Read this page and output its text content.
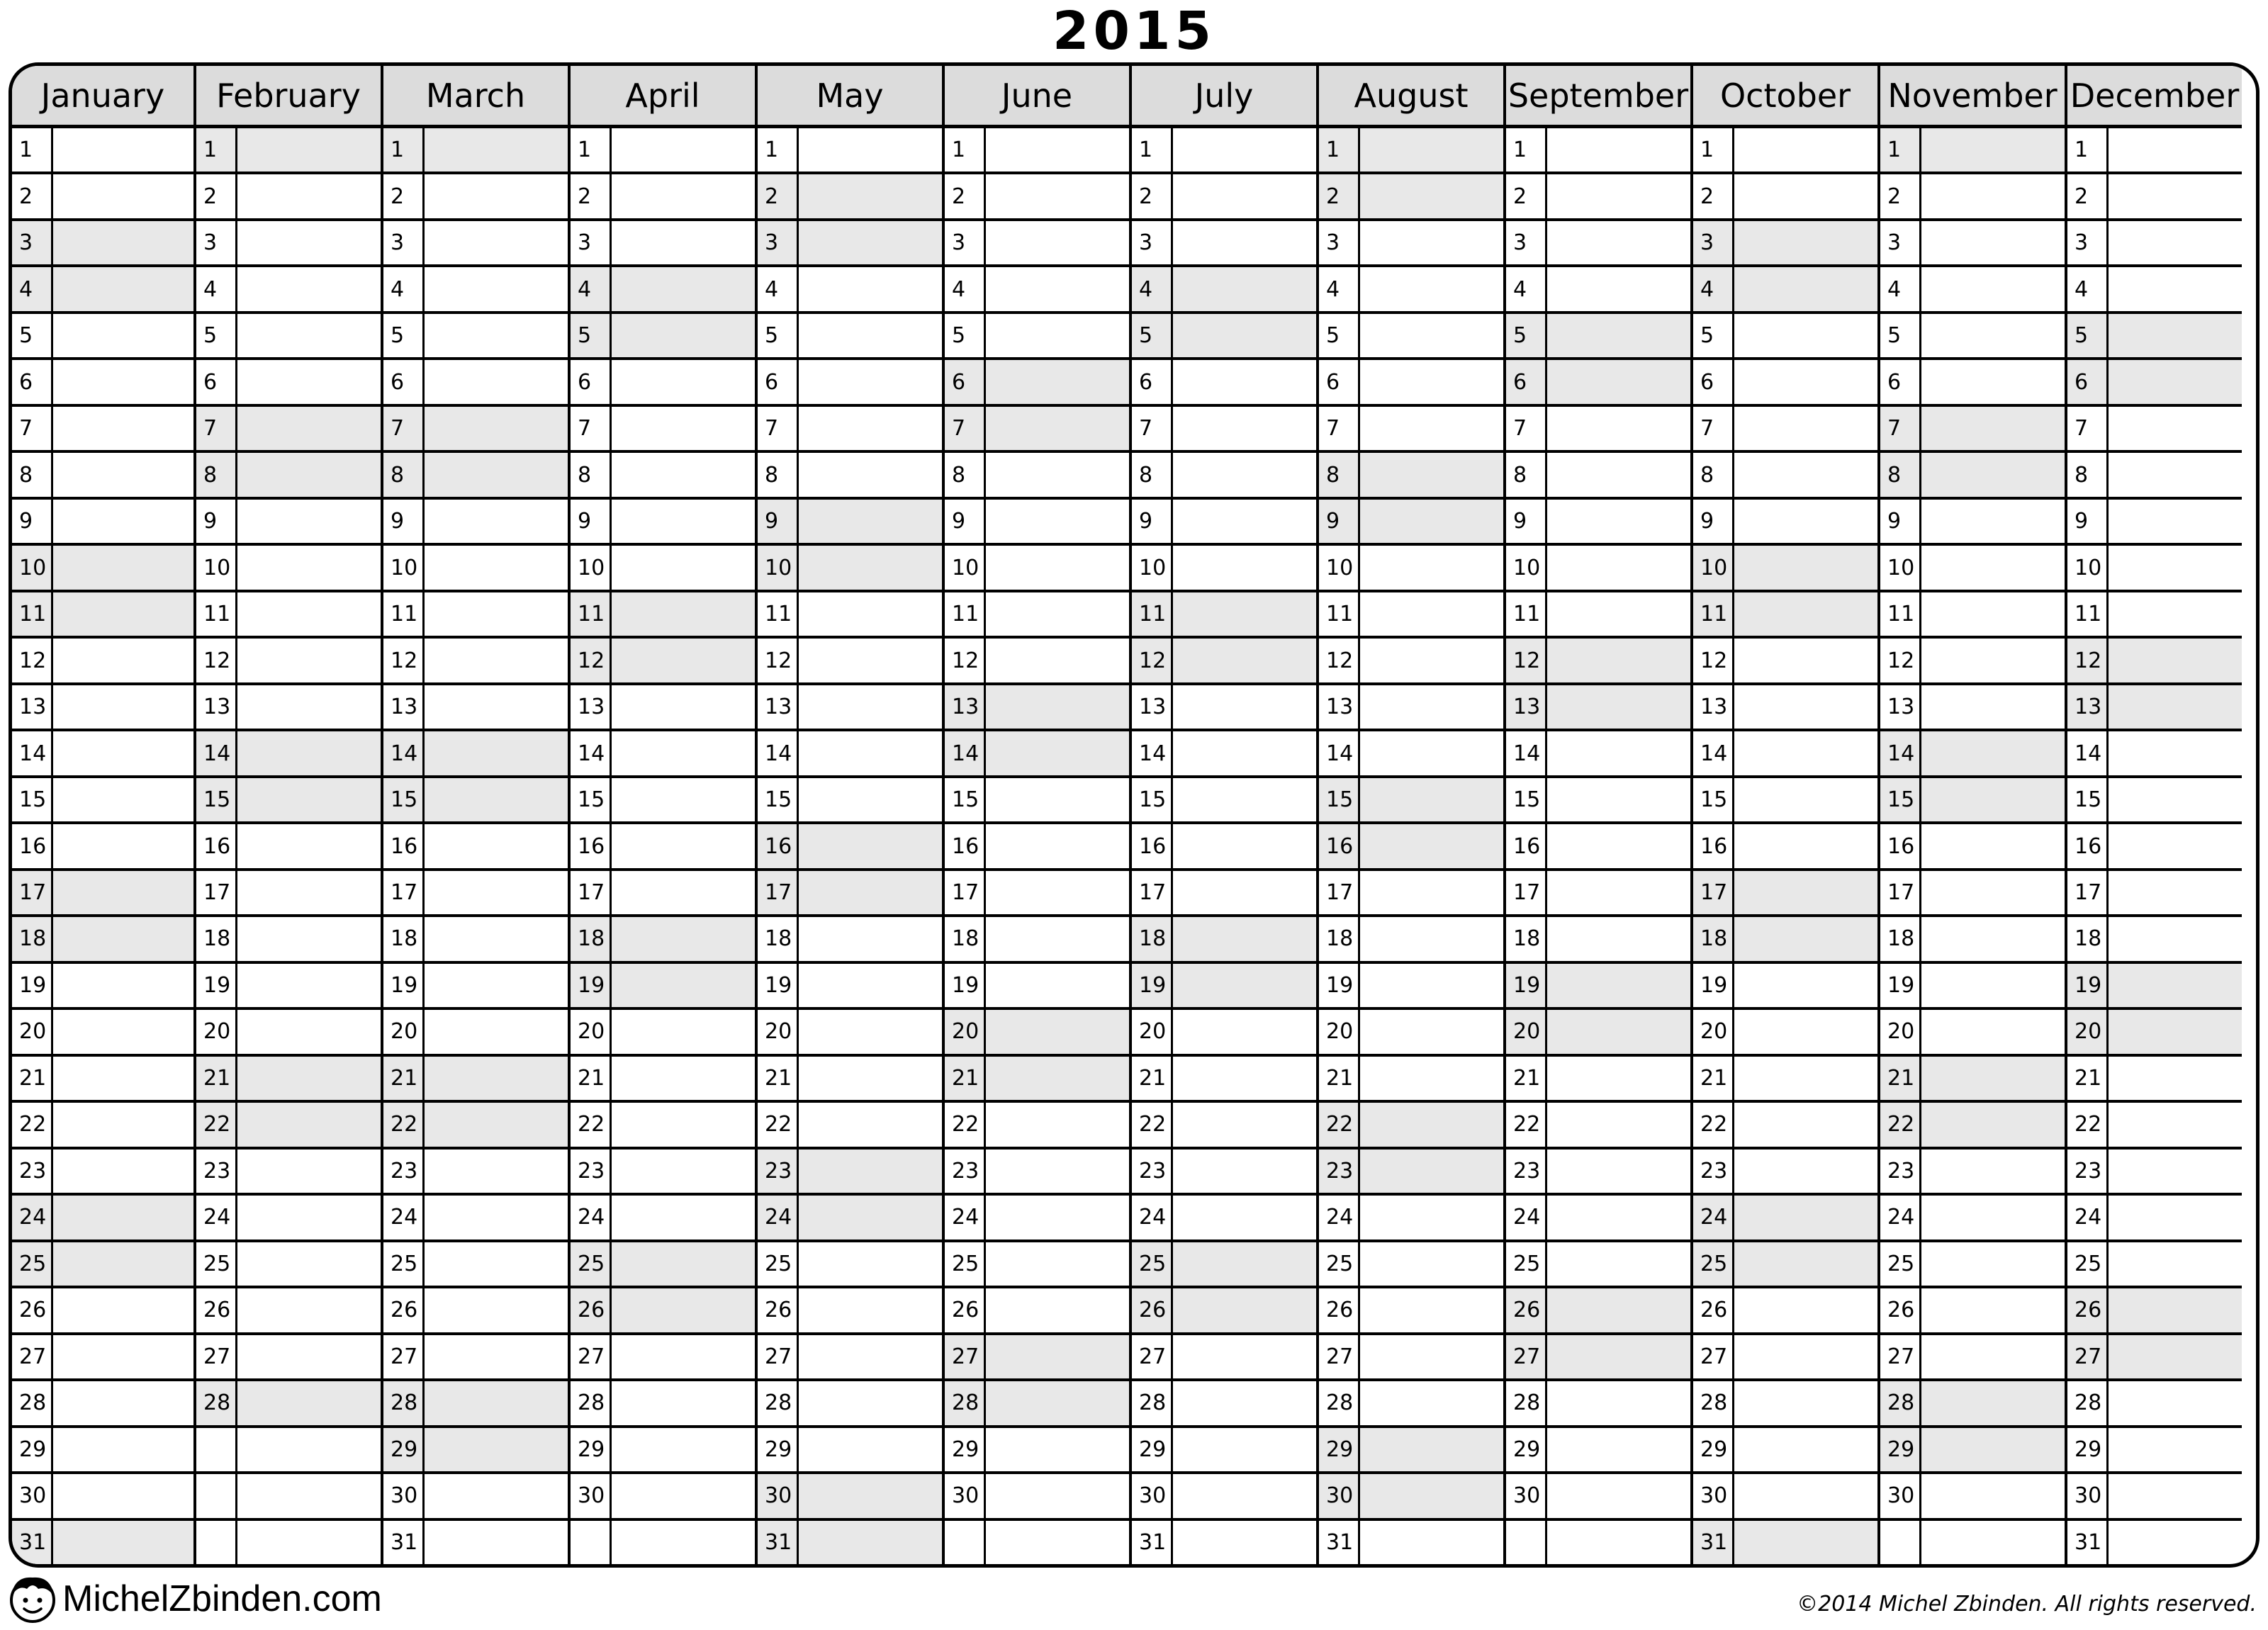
2015
January
1
2
3
4
5
6
7
8
9
10
11
12
13
14
15
16
17
18
19
20
21
22
23
24
25
26
27
28
29
30
31
February
1
2
3
4
5
6
7
8
9
10
11
12
13
14
15
16
17
18
19
20
21
22
23
24
25
26
27
28
March
1
2
3
4
5
6
7
8
9
10
11
12
13
14
15
16
17
18
19
20
21
22
23
24
25
26
27
28
29
30
31
April
1
2
3
4
5
6
7
8
9
10
11
12
13
14
15
16
17
18
19
20
21
22
23
24
25
26
27
28
29
30
May
1
2
3
4
5
6
7
8
9
10
11
12
13
14
15
16
17
18
19
20
21
22
23
24
25
26
27
28
29
30
31
June
1
2
3
4
5
6
7
8
9
10
11
12
13
14
15
16
17
18
19
20
21
22
23
24
25
26
27
28
29
30
July
1
2
3
4
5
6
7
8
9
10
11
12
13
14
15
16
17
18
19
20
21
22
23
24
25
26
27
28
29
30
31
August
1
2
3
4
5
6
7
8
9
10
11
12
13
14
15
16
17
18
19
20
21
22
23
24
25
26
27
28
29
30
31
September
1
2
3
4
5
6
7
8
9
10
11
12
13
14
15
16
17
18
19
20
21
22
23
24
25
26
27
28
29
30
October
1
2
3
4
5
6
7
8
9
10
11
12
13
14
15
16
17
18
19
20
21
22
23
24
25
26
27
28
29
30
31
November
1
2
3
4
5
6
7
8
9
10
11
12
13
14
15
16
17
18
19
20
21
22
23
24
25
26
27
28
29
30
December
1
2
3
4
5
6
7
8
9
10
11
12
13
14
15
16
17
18
19
20
21
22
23
24
25
26
27
28
29
30
31
MichelZbinden.com	©2014 Michel Zbinden. All rights reserved.
